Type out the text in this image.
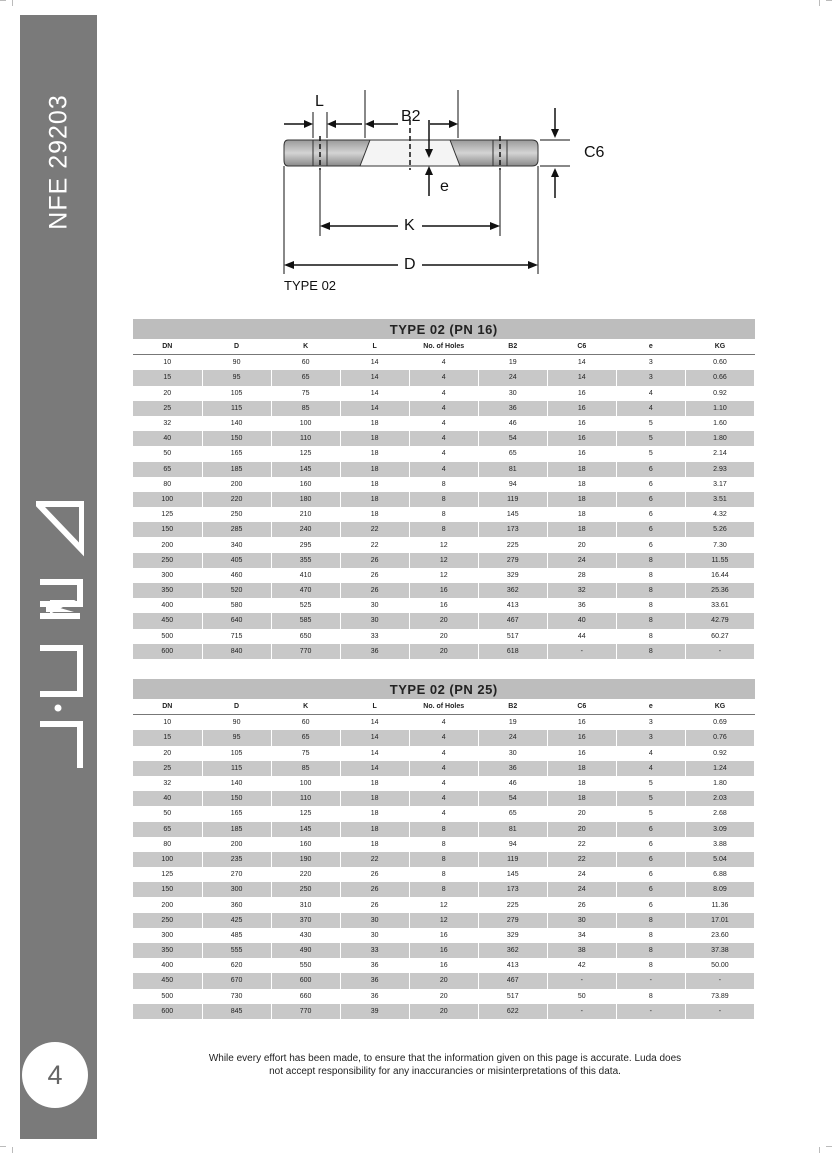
NFE 29203
4
L
B2
C6
e
K
D
TYPE 02
TYPE 02 (PN 16)								
DN	D	K	L	No. of Holes	B2	C6	e	KG
10	90	60	14	4	19	14	3	0.60
15	95	65	14	4	24	14	3	0.66
20	105	75	14	4	30	16	4	0.92
25	115	85	14	4	36	16	4	1.10
32	140	100	18	4	46	16	5	1.60
40	150	110	18	4	54	16	5	1.80
50	165	125	18	4	65	16	5	2.14
65	185	145	18	4	81	18	6	2.93
80	200	160	18	8	94	18	6	3.17
100	220	180	18	8	119	18	6	3.51
125	250	210	18	8	145	18	6	4.32
150	285	240	22	8	173	18	6	5.26
200	340	295	22	12	225	20	6	7.30
250	405	355	26	12	279	24	8	11.55
300	460	410	26	12	329	28	8	16.44
350	520	470	26	16	362	32	8	25.36
400	580	525	30	16	413	36	8	33.61
450	640	585	30	20	467	40	8	42.79
500	715	650	33	20	517	44	8	60.27
600	840	770	36	20	618	-	8	-
TYPE 02 (PN 25)								
DN	D	K	L	No. of Holes	B2	C6	e	KG
10	90	60	14	4	19	16	3	0.69
15	95	65	14	4	24	16	3	0.76
20	105	75	14	4	30	16	4	0.92
25	115	85	14	4	36	18	4	1.24
32	140	100	18	4	46	18	5	1.80
40	150	110	18	4	54	18	5	2.03
50	165	125	18	4	65	20	5	2.68
65	185	145	18	8	81	20	6	3.09
80	200	160	18	8	94	22	6	3.88
100	235	190	22	8	119	22	6	5.04
125	270	220	26	8	145	24	6	6.88
150	300	250	26	8	173	24	6	8.09
200	360	310	26	12	225	26	6	11.36
250	425	370	30	12	279	30	8	17.01
300	485	430	30	16	329	34	8	23.60
350	555	490	33	16	362	38	8	37.38
400	620	550	36	16	413	42	8	50.00
450	670	600	36	20	467	-	-	-
500	730	660	36	20	517	50	8	73.89
600	845	770	39	20	622	-	-	-
While every effort has been made, to ensure that the information given on this page is accurate. Luda does
not accept responsibility for any inaccurancies or misinterpretations of this data.
